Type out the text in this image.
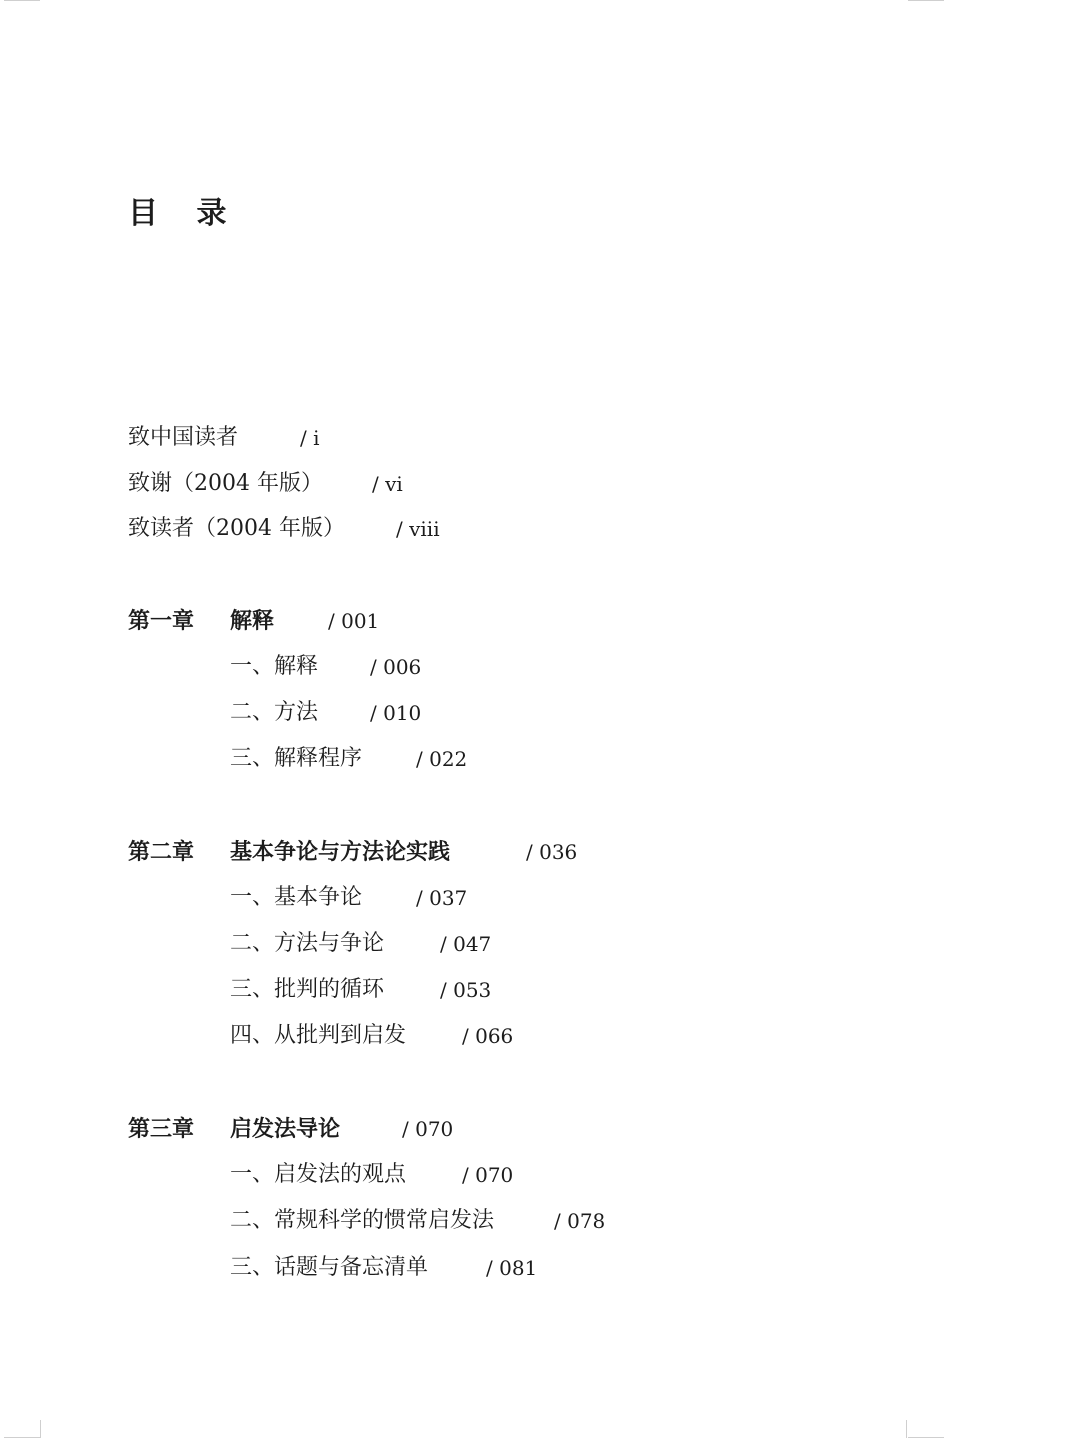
目 录
致中国读者	/ i
致谢（2004 年版） / vi
致读者（2004 年版）	/ viii
第一章 解释	/ 001
一、解释	/ 006
二、方法	/ 010
三、解释程序	/ 022
第二章 基本争论与方法论实践	/ 036
一、基本争论	/ 037
二、方法与争论	/ 047
三、批判的循环	/ 053
四、从批判到启发	/ 066
第三章 启发法导论	/ 070
一、启发法的观点	/ 070
二、常规科学的惯常启发法	/ 078
三、话题与备忘清单	/ 081
